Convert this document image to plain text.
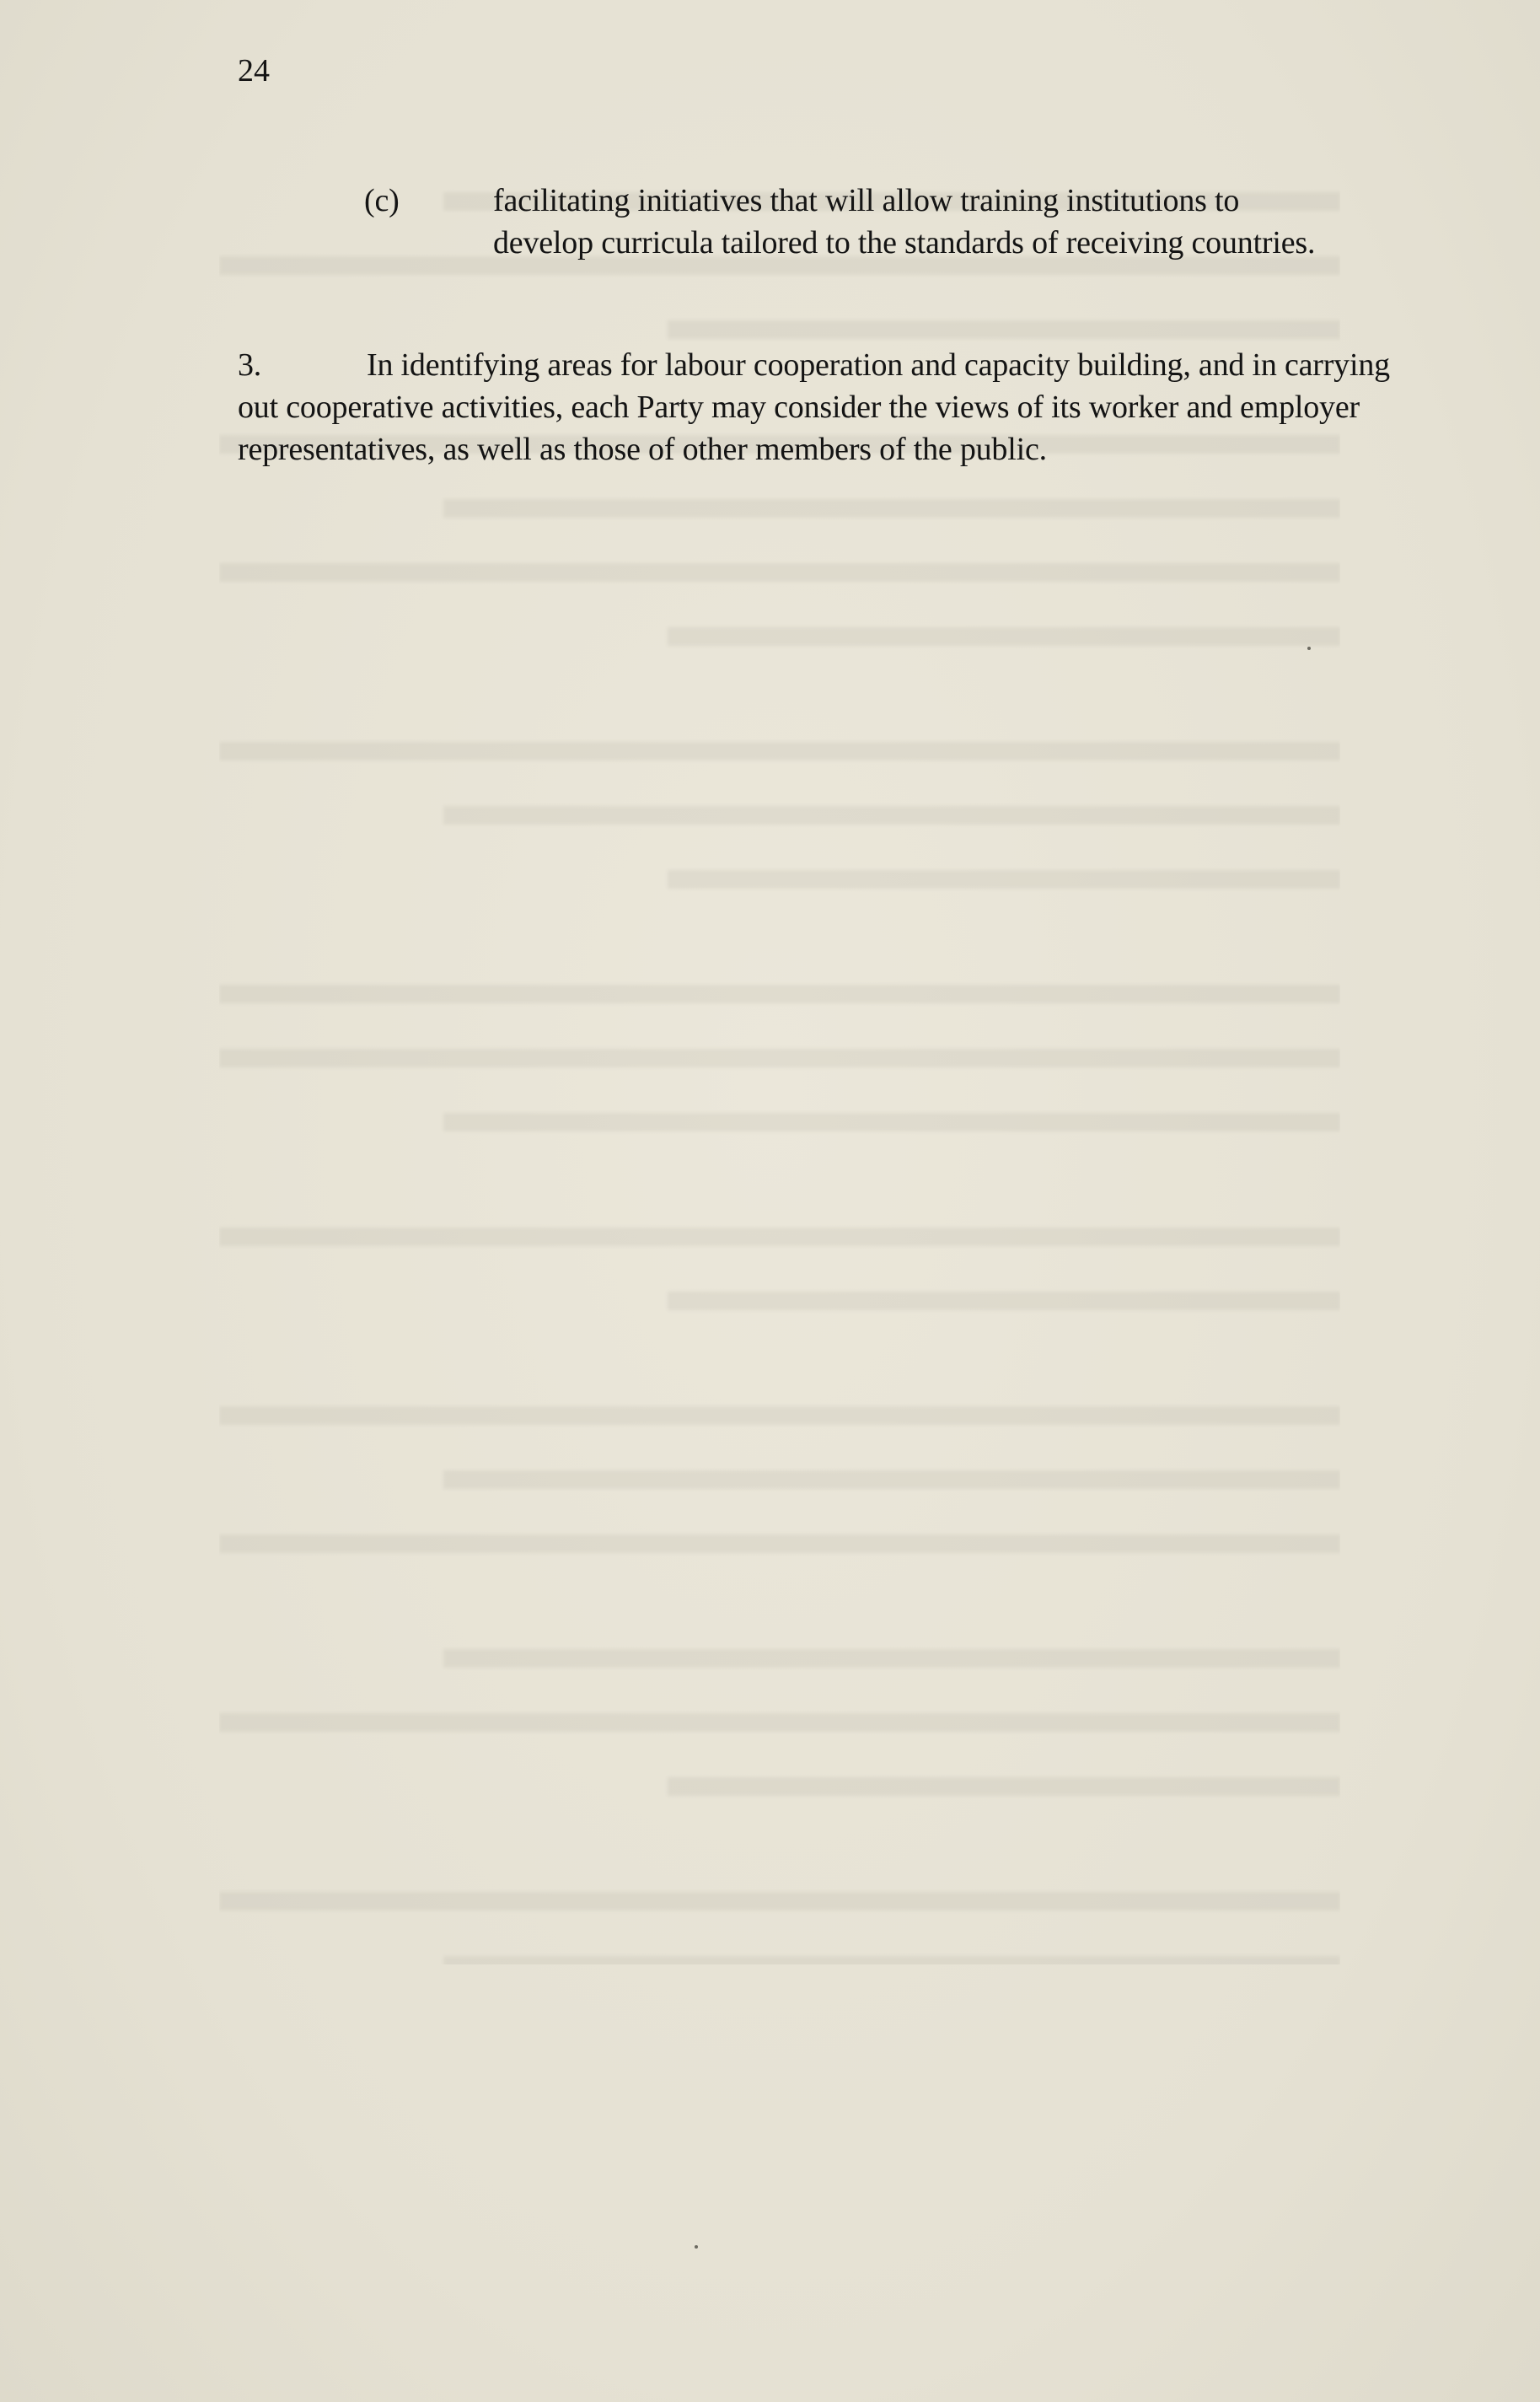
24
(c)	facilitating initiatives that will allow training institutions to develop curricula tailored to the standards of receiving countries.
3.	In identifying areas for labour cooperation and capacity building, and in carrying out cooperative activities, each Party may consider the views of its worker and employer representatives, as well as those of other members of the public.
